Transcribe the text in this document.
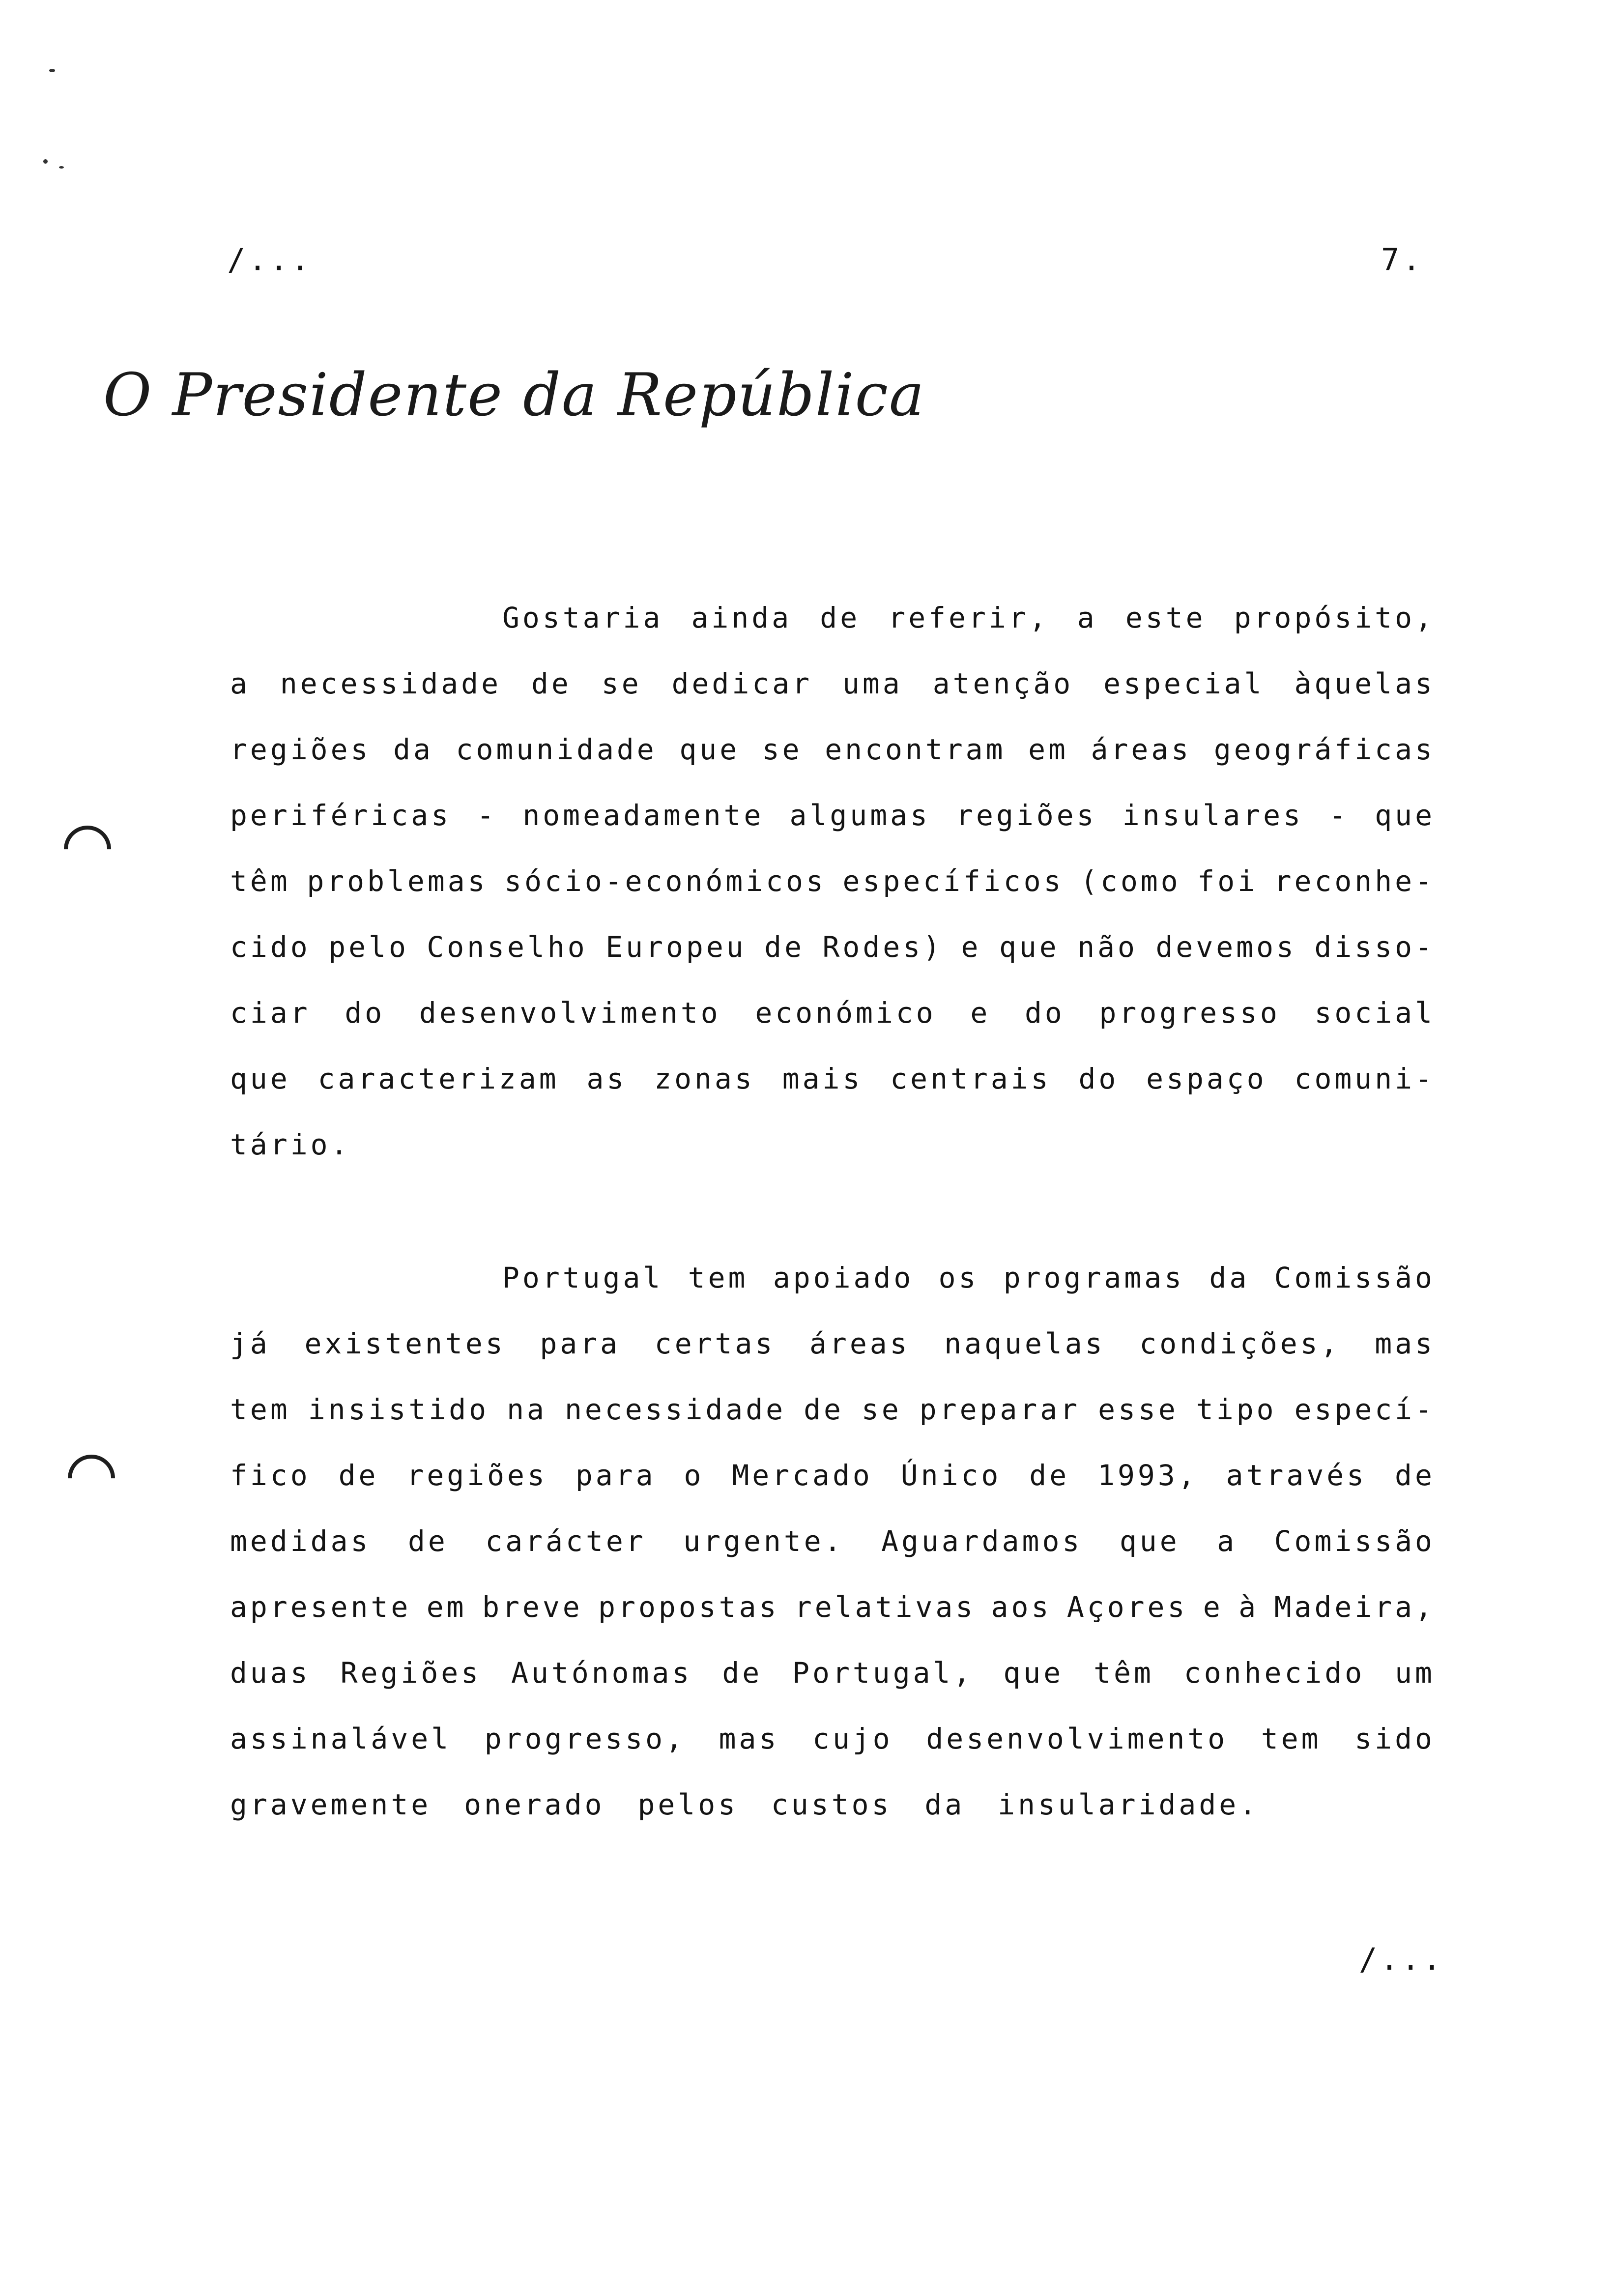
/...	7.
O Presidente da República
Gostaria ainda de referir, a este propósito,
a necessidade de se dedicar uma atenção especial àquelas
regiões da comunidade que se encontram em áreas geográficas
periféricas - nomeadamente algumas regiões insulares - que
têm problemas sócio-económicos específicos (como foi reconhe-
cido pelo Conselho Europeu de Rodes) e que não devemos disso-
ciar do desenvolvimento económico e do progresso social
que caracterizam as zonas mais centrais do espaço comuni-
tário.
Portugal tem apoiado os programas da Comissão
já existentes para certas áreas naquelas condições, mas
tem insistido na necessidade de se preparar esse tipo especí-
fico de regiões para o Mercado Único de 1993, através de
medidas de carácter urgente. Aguardamos que a Comissão
apresente em breve propostas relativas aos Açores e à Madeira,
duas Regiões Autónomas de Portugal, que têm conhecido um
assinalável progresso, mas cujo desenvolvimento tem sido
gravemente onerado pelos custos da insularidade.
/...
